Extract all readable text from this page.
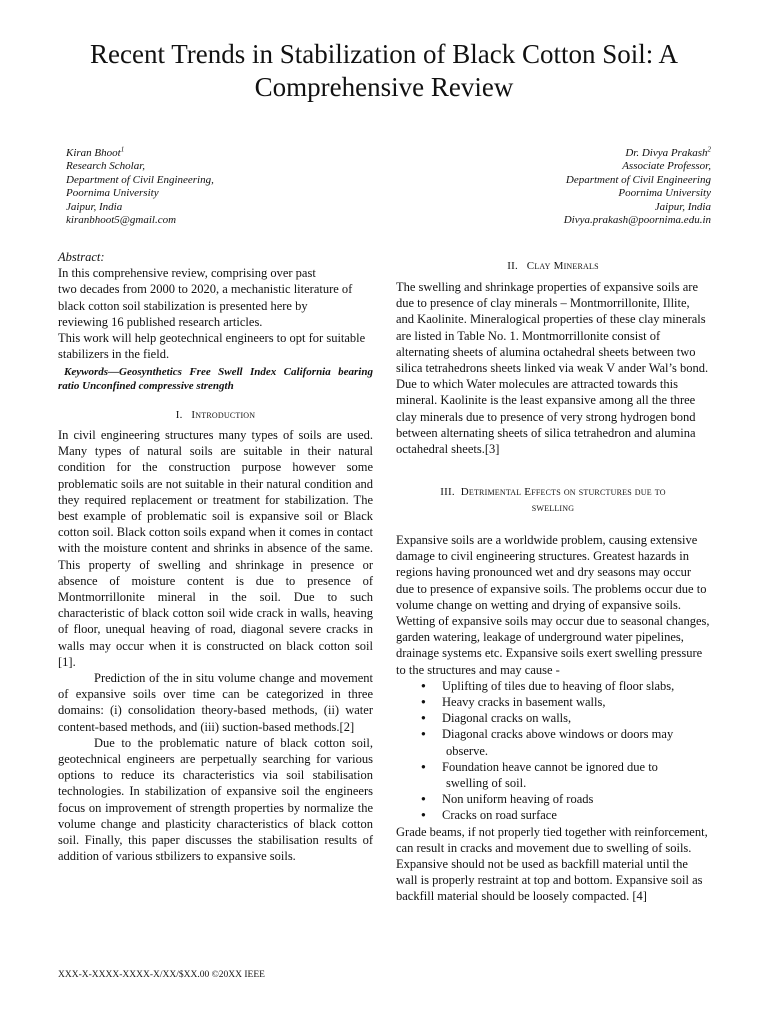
Recent Trends in Stabilization of Black Cotton Soil: A Comprehensive Review
Kiran Bhoot$^1$
Research Scholar,
Department of Civil Engineering,
Poornima University
Jaipur, India
kiranbhoot5@gmail.com
Dr. Divya Prakash$^2$
Associate Professor,
Department of Civil Engineering
Poornima University
Jaipur, India
Divya.prakash@poornima.edu.in
Abstract:
In this comprehensive review, comprising over past
two decades from 2000 to 2020, a mechanistic literature of
black cotton soil stabilization is presented here by
reviewing 16 published research articles.
This work will help geotechnical engineers to opt for suitable
stabilizers in the field.
Keywords—Geosynthetics Free Swell Index California bearing ratio Unconfined compressive strength
I. Introduction

In civil engineering structures many types of soils are used. Many types of natural soils are suitable in their natural condition for the construction purpose however some problematic soils are not suitable in their natural condition and they required replacement or treatment for stabilization. The best example of problematic soil is expansive soil or Black cotton soil. Black cotton soils expand when it comes in contact with the moisture content and shrinks in absence of the same. This property of swelling and shrinkage in presence or absence of moisture content is due to presence of Montmorrillonite mineral in the soil. Due to such characteristic of black cotton soil wide crack in walls, heaving of floor, unequal heaving of road, diagonal severe cracks in walls may occur when it is constructed on black cotton soil [1].

Prediction of the in situ volume change and movement of expansive soils over time can be categorized in three domains: (i) consolidation theory-based methods, (ii) water content-based methods, and (iii) suction-based methods.[2]

Due to the problematic nature of black cotton soil, geotechnical engineers are perpetually searching for various options to reduce its characteristics via soil stabilisation technologies. In stabilization of expansive soil the engineers focus on improvement of strength properties by normalize the volume change and plasticity characteristics of black cotton soil. Finally, this paper discusses the stabilisation results of addition of various stbilizers to expansive soils.

II. Clay Minerals

The swelling and shrinkage properties of expansive soils are due to presence of clay minerals – Montmorrillonite, Illite, and Kaolinite. Mineralogical properties of these clay minerals are listed in Table No. 1. Montmorrillonite consist of alternating sheets of alumina octahedral sheets between two silica tetrahedrons sheets linked via weak V ander Wal’s bond. Due to which Water molecules are attracted towards this mineral. Kaolinite is the least expansive among all the three clay minerals due to presence of very strong hydrogen bond between alternating sheets of silica tetrahedron and alumina octahedral sheets.[3]

III. Detrimental Effects on sturctures due to
swelling

Expansive soils are a worldwide problem, causing extensive damage to civil engineering structures. Greatest hazards in regions having pronounced wet and dry seasons may occur due to presence of expansive soils. The problems occur due to volume change on wetting and drying of expansive soils. Wetting of expansive soils may occur due to seasonal changes, garden watering, leakage of underground water pipelines, drainage systems etc. Expansive soils exert swelling pressure to the structures and may cause -

● Uplifting of tiles due to heaving of floor slabs,
● Heavy cracks in basement walls,
● Diagonal cracks on walls,
● Diagonal cracks above windows or doors may
observe.
● Foundation heave cannot be ignored due to
swelling of soil.
● Non uniform heaving of roads
● Cracks on road surface

Grade beams, if not properly tied together with reinforcement, can result in cracks and movement due to swelling of soils. Expansive should not be used as backfill material until the wall is properly restraint at top and bottom. Expansive soil as backfill material should be loosely compacted. [4]

XXX-X-XXXX-XXXX-X/XX/$XX.00 ©20XX IEEE
